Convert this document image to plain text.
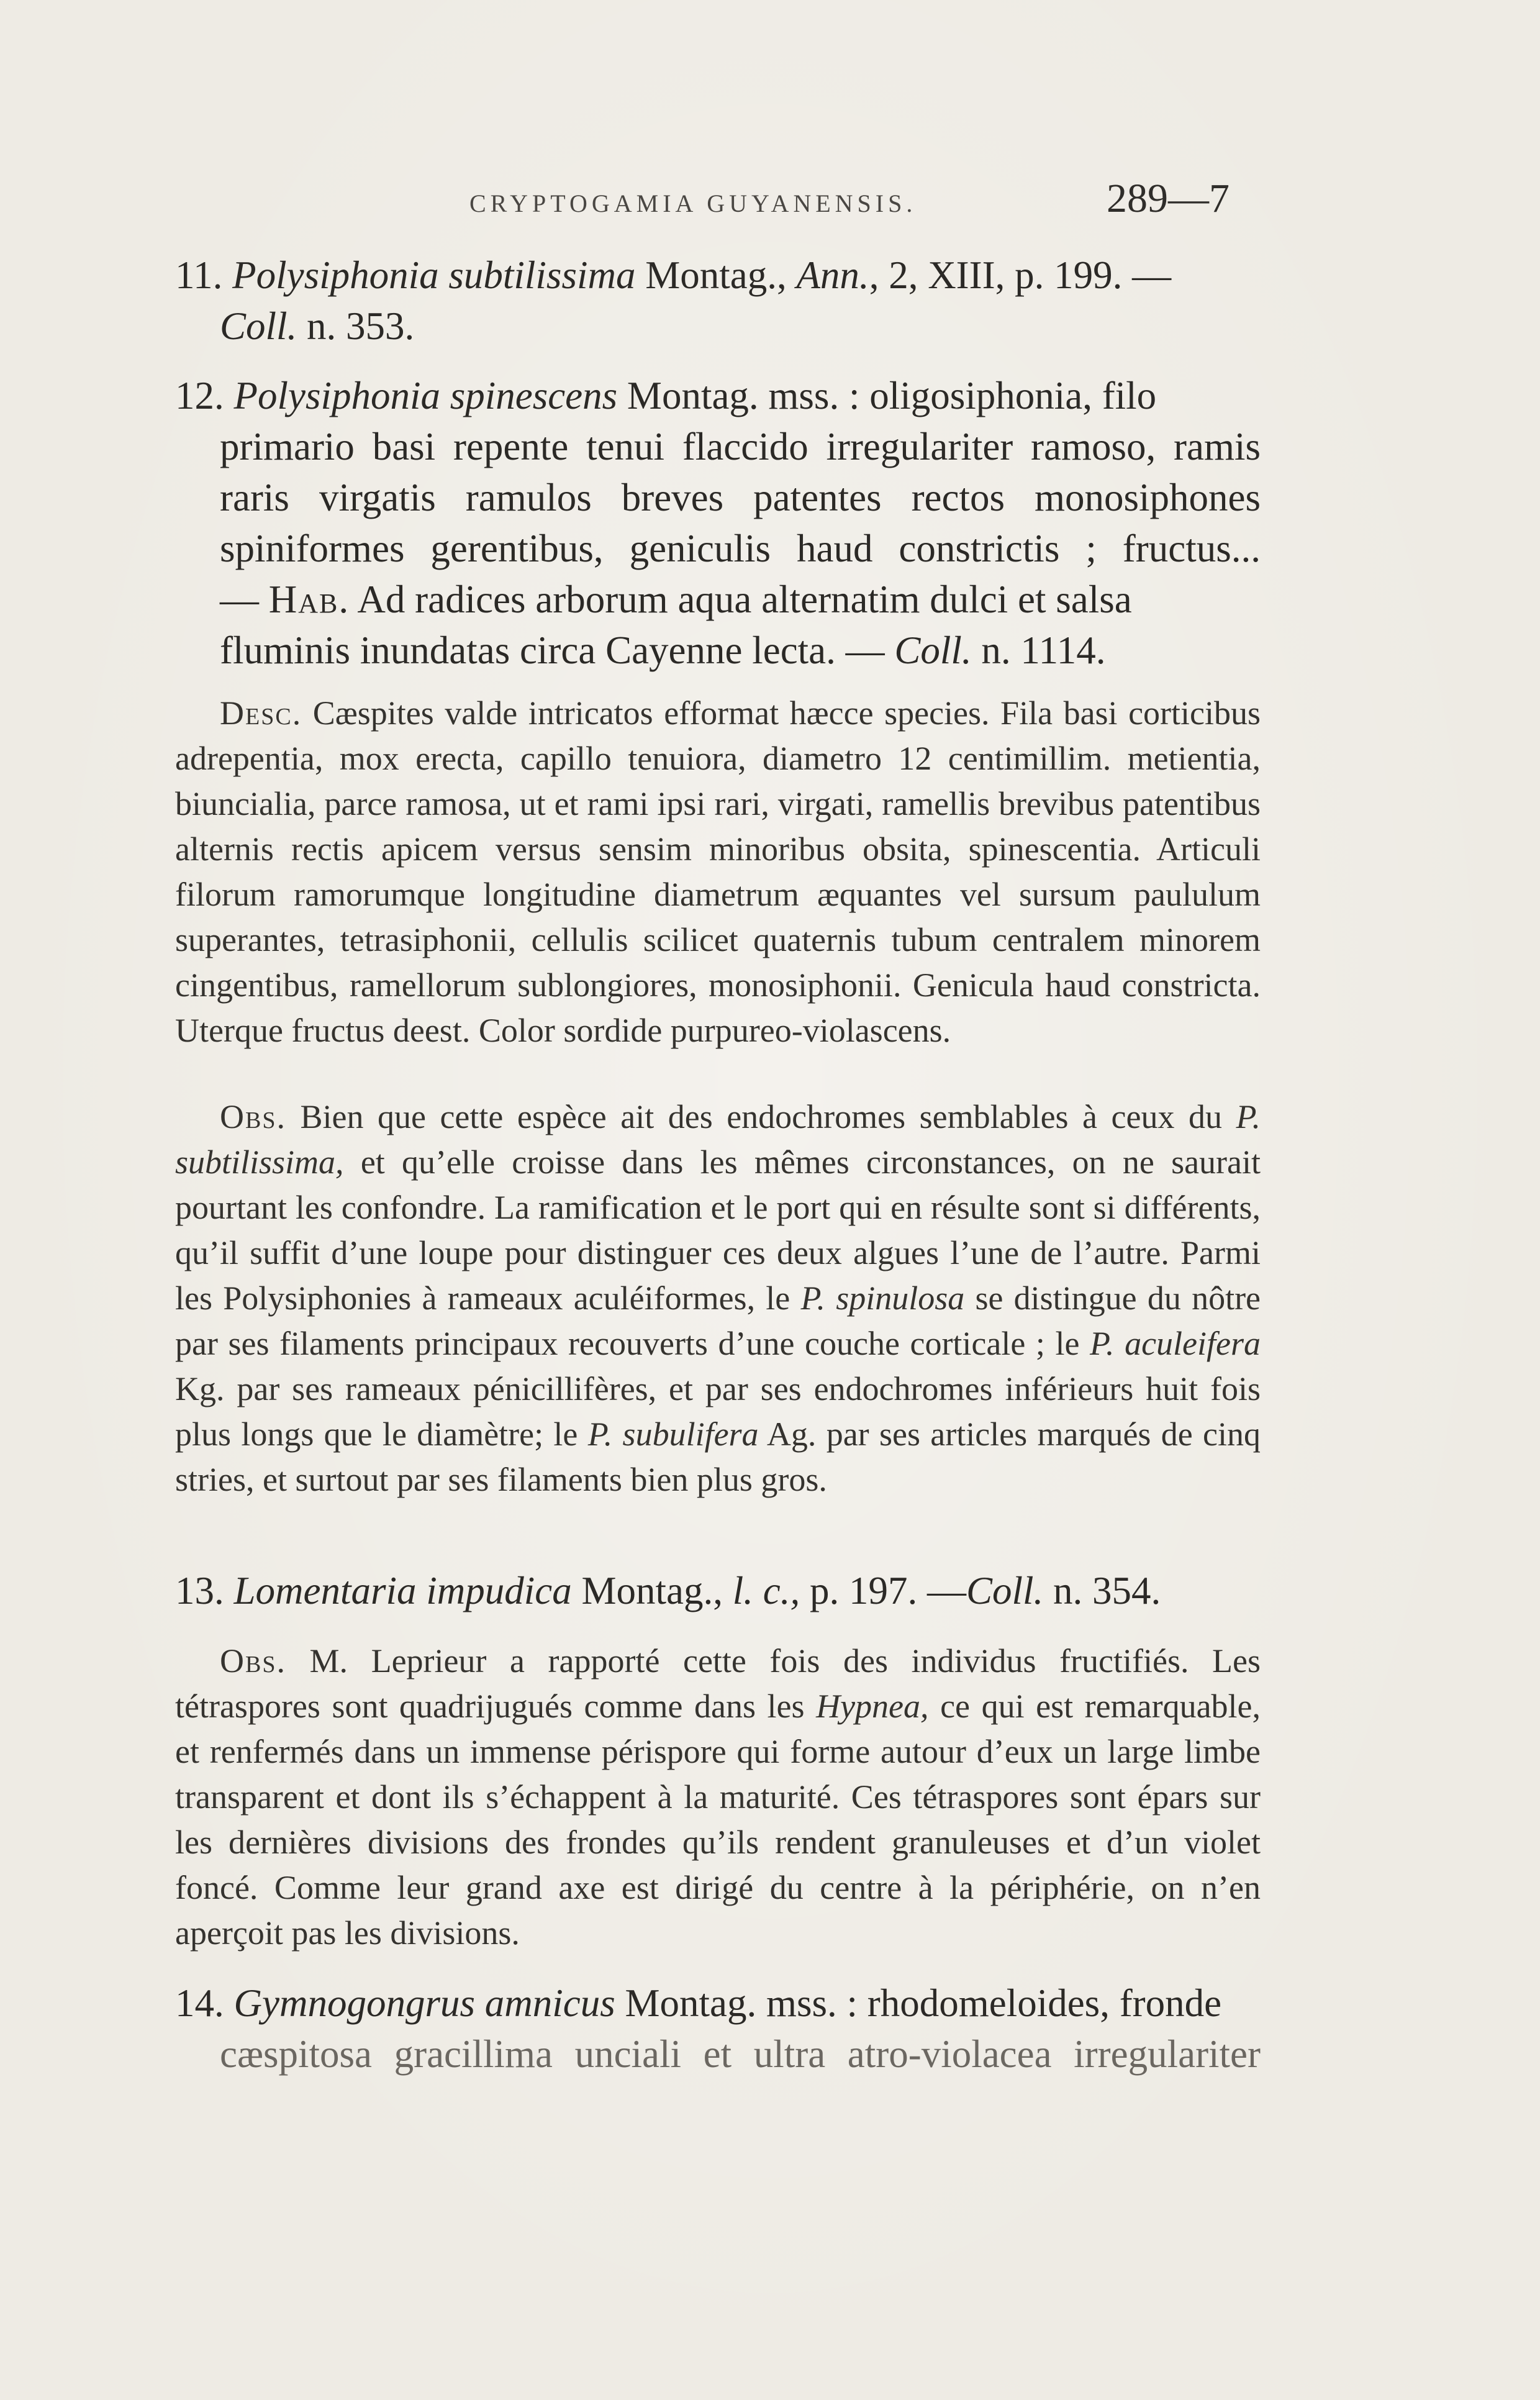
CRYPTOGAMIA GUYANENSIS.	289—7
11. Polysiphonia subtilissima Montag., Ann., 2, XIII, p. 199. —
Coll. n. 353.
12. Polysiphonia spinescens Montag. mss. : oligosiphonia, filo
primario basi repente tenui flaccido irregulariter ramoso, ramis
raris virgatis ramulos breves patentes rectos monosiphones
spiniformes gerentibus, geniculis haud constrictis ; fructus...
— Hab. Ad radices arborum aqua alternatim dulci et salsa
fluminis inundatas circa Cayenne lecta. — Coll. n. 1114.

Desc. Cæspites valde intricatos efformat hæcce species. Fila basi corticibus adrepentia, mox erecta, capillo tenuiora, diametro 12 centimillim. metientia, biuncialia, parce ramosa, ut et rami ipsi rari, virgati, ramellis brevibus patentibus alternis rectis apicem versus sensim minoribus obsita, spinescentia. Articuli filorum ramorumque longitudine diametrum æquantes vel sursum paululum superantes, tetrasiphonii, cellulis scilicet quaternis tubum centralem minorem cingentibus, ramellorum sublongiores, monosiphonii. Genicula haud constricta. Uterque fructus deest. Color sordide purpureo-violascens.

Obs. Bien que cette espèce ait des endochromes semblables à ceux du P. subtilissima, et qu’elle croisse dans les mêmes circonstances, on ne saurait pourtant les confondre. La ramification et le port qui en résulte sont si différents, qu’il suffit d’une loupe pour distinguer ces deux algues l’une de l’autre. Parmi les Polysiphonies à rameaux aculéiformes, le P. spinulosa se distingue du nôtre par ses filaments principaux recouverts d’une couche corticale ; le P. aculeifera Kg. par ses rameaux pénicillifères, et par ses endochromes inférieurs huit fois plus longs que le diamètre; le P. subulifera Ag. par ses articles marqués de cinq stries, et surtout par ses filaments bien plus gros.

13. Lomentaria impudica Montag., l. c., p. 197. —Coll. n. 354.

Obs. M. Leprieur a rapporté cette fois des individus fructifiés. Les tétraspores sont quadrijugués comme dans les Hypnea, ce qui est remarquable, et renfermés dans un immense périspore qui forme autour d’eux un large limbe transparent et dont ils s’échappent à la maturité. Ces tétraspores sont épars sur les dernières divisions des frondes qu’ils rendent granuleuses et d’un violet foncé. Comme leur grand axe est dirigé du centre à la périphérie, on n’en aperçoit pas les divisions.

14. Gymnogongrus amnicus Montag. mss. : rhodomeloides, fronde
cæspitosa gracillima unciali et ultra atro-violacea irregulariter
